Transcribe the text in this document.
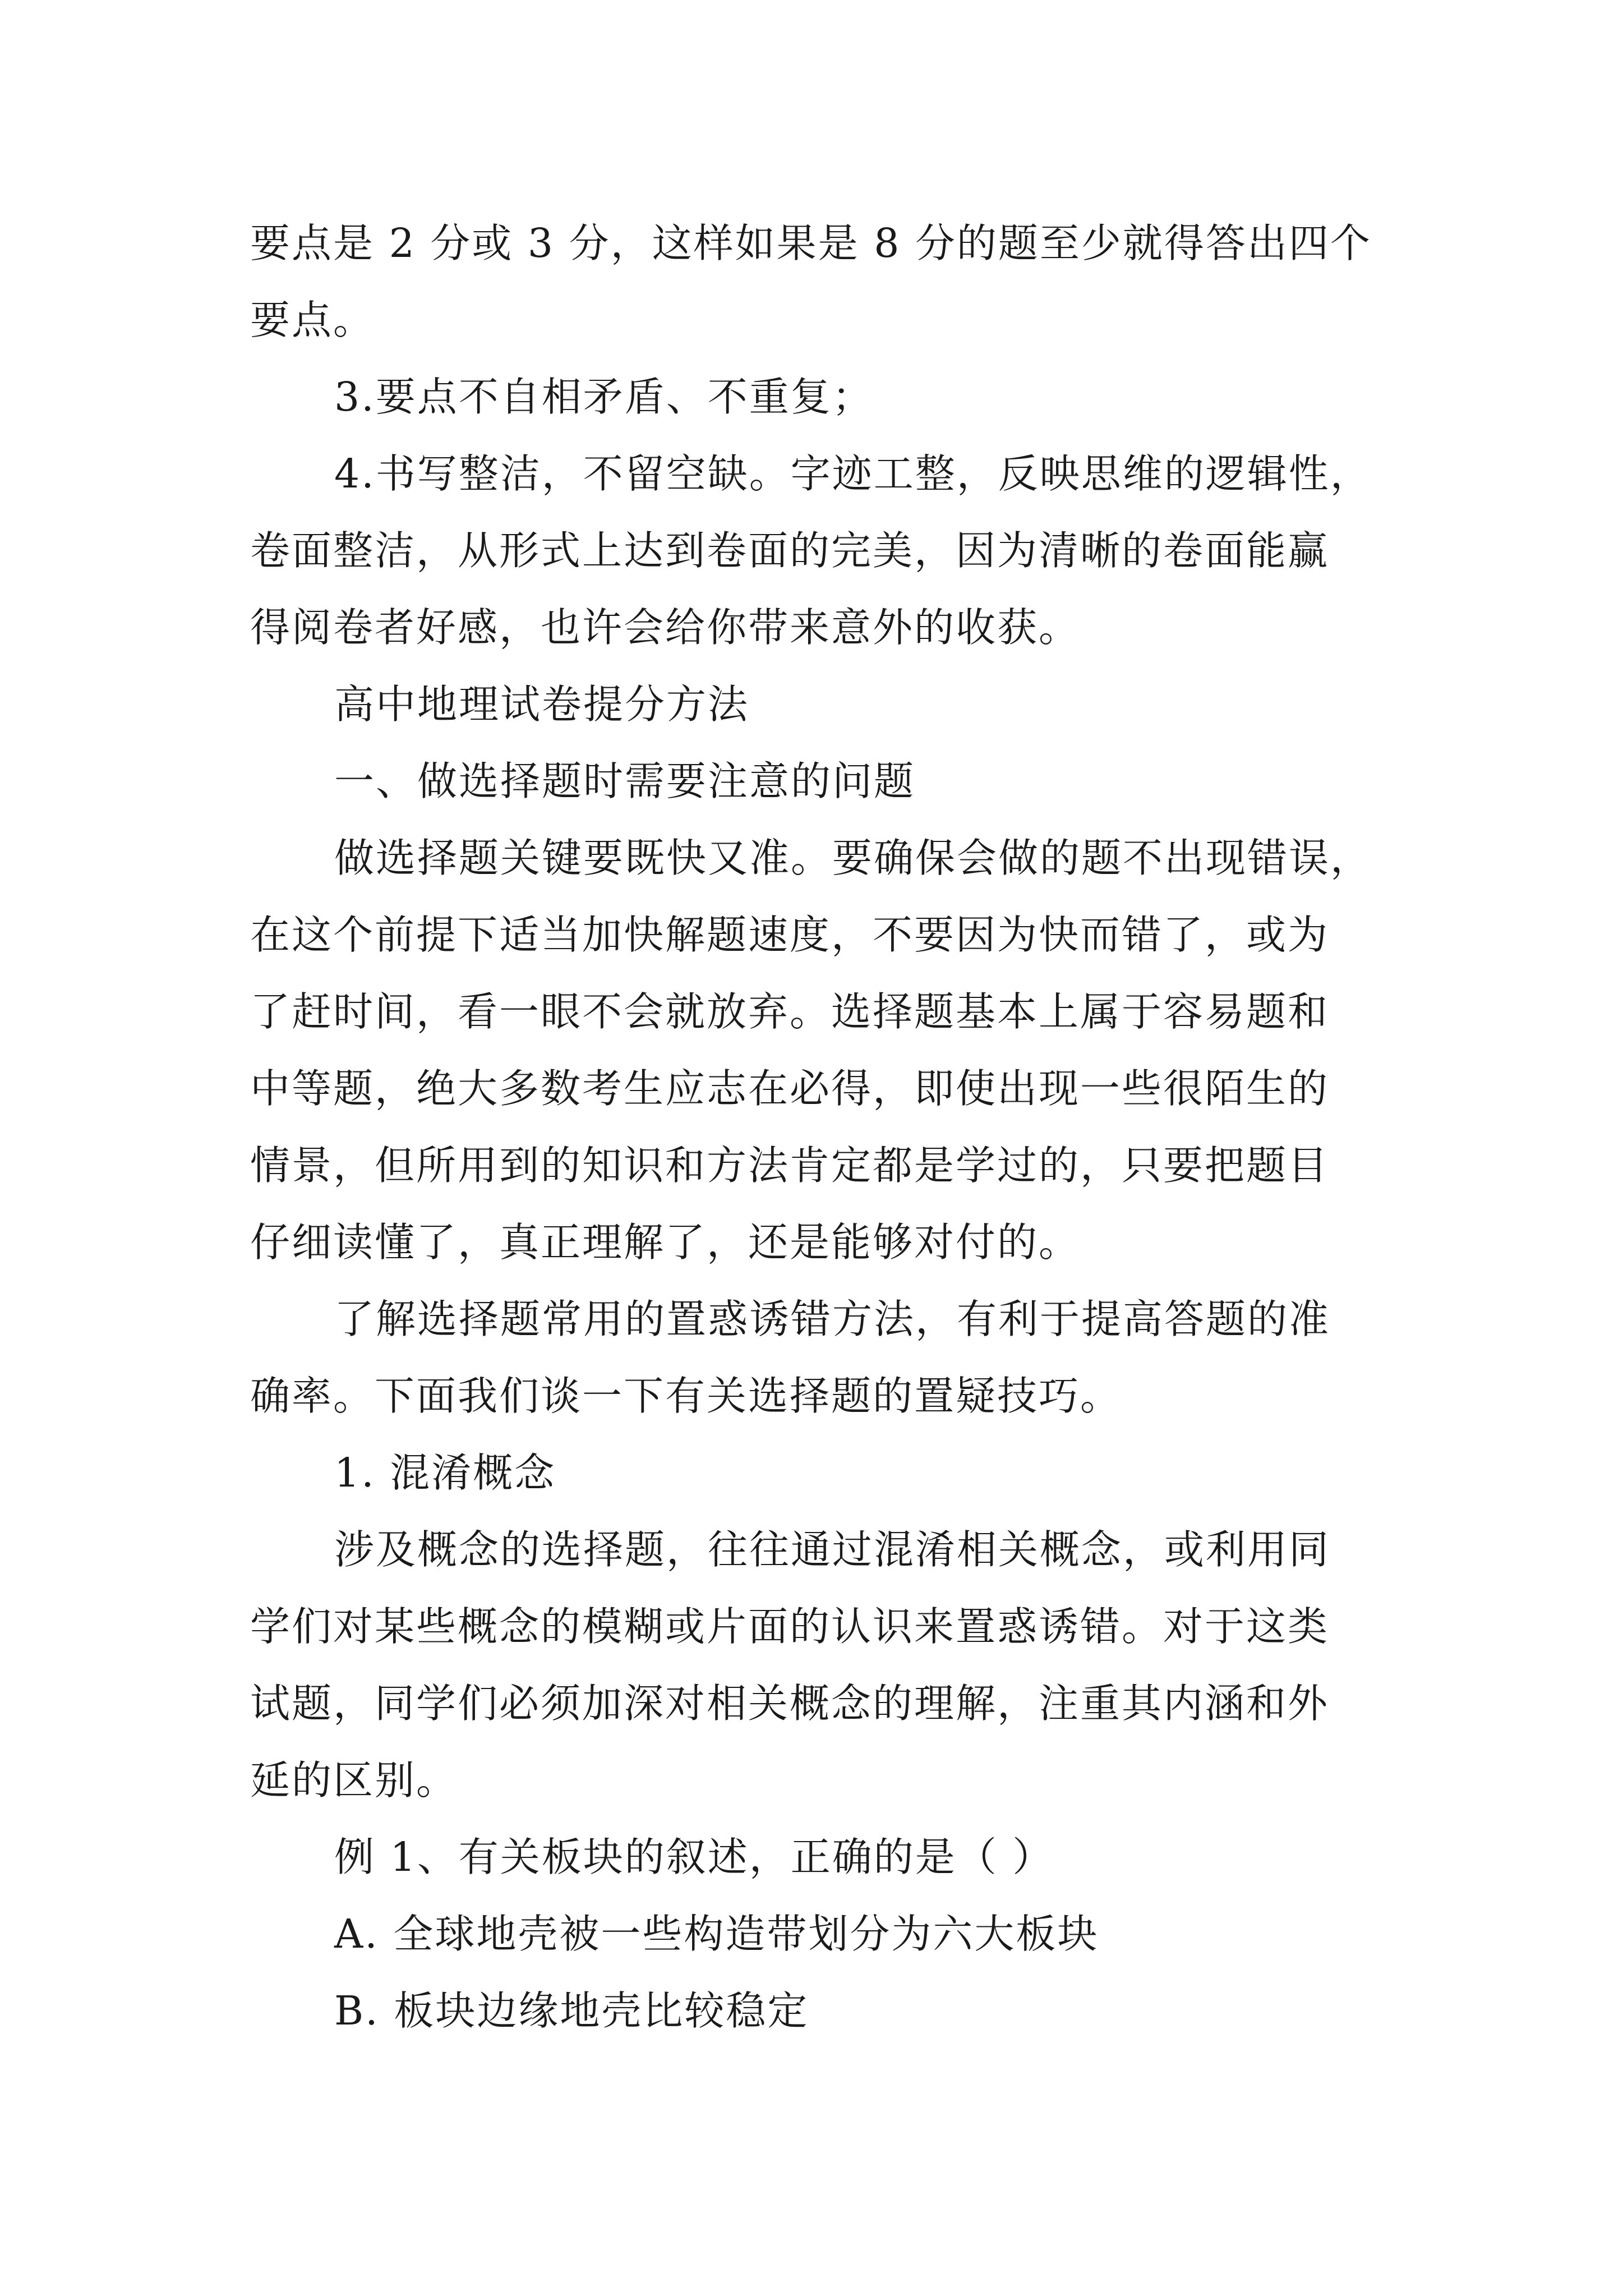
要点是 2 分或 3 分，这样如果是 8 分的题至少就得答出四个
要点。

3.要点不自相矛盾、不重复；

4.书写整洁，不留空缺。字迹工整，反映思维的逻辑性，
卷面整洁，从形式上达到卷面的完美，因为清晰的卷面能赢
得阅卷者好感，也许会给你带来意外的收获。

高中地理试卷提分方法

一、做选择题时需要注意的问题

做选择题关键要既快又准。要确保会做的题不出现错误，
在这个前提下适当加快解题速度，不要因为快而错了，或为
了赶时间，看一眼不会就放弃。选择题基本上属于容易题和
中等题，绝大多数考生应志在必得，即使出现一些很陌生的
情景，但所用到的知识和方法肯定都是学过的，只要把题目
仔细读懂了，真正理解了，还是能够对付的。

了解选择题常用的置惑诱错方法，有利于提高答题的准
确率。下面我们谈一下有关选择题的置疑技巧。

1. 混淆概念

涉及概念的选择题，往往通过混淆相关概念，或利用同
学们对某些概念的模糊或片面的认识来置惑诱错。对于这类
试题，同学们必须加深对相关概念的理解，注重其内涵和外
延的区别。

例 1、有关板块的叙述，正确的是（ ）

A. 全球地壳被一些构造带划分为六大板块

B. 板块边缘地壳比较稳定
